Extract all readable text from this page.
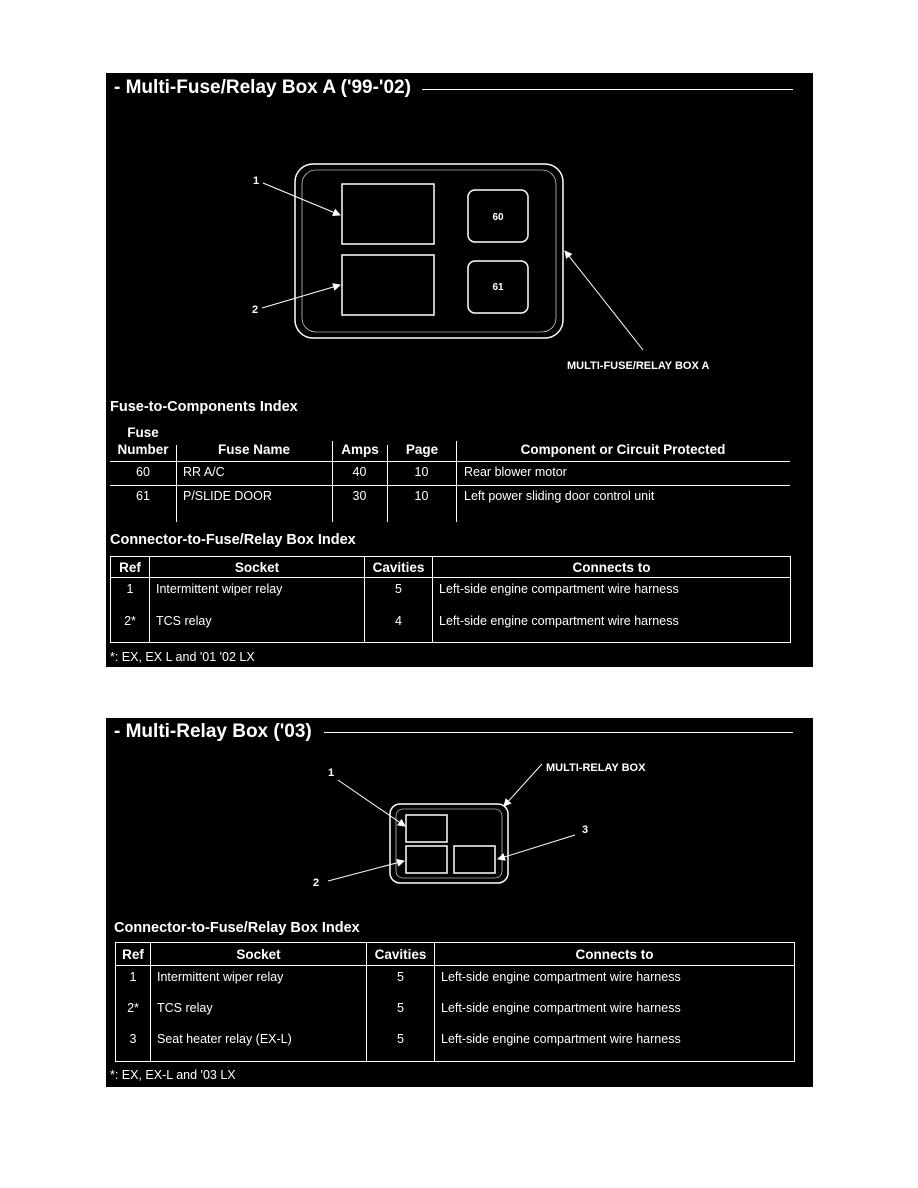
- Multi-Fuse/Relay Box A ('99-'02)
60
61
1
2
MULTI-FUSE/RELAY BOX A
Fuse-to-Components Index
Fuse
Number	Fuse Name	Amps	Page	Component or Circuit Protected
60	RR A/C	40	10	Rear blower motor
61	P/SLIDE DOOR	30	10	Left power sliding door control unit
Connector-to-Fuse/Relay Box Index
Ref	Socket	Cavities	Connects to
1	Intermittent wiper relay	5	Left-side engine compartment wire harness
2*	TCS relay	4	Left-side engine compartment wire harness
*: EX, EX L and '01 '02 LX
- Multi-Relay Box ('03)
1
2
3
MULTI-RELAY BOX
Connector-to-Fuse/Relay Box Index
Ref	Socket	Cavities	Connects to
1	Intermittent wiper relay	5	Left-side engine compartment wire harness
2*	TCS relay	5	Left-side engine compartment wire harness
3	Seat heater relay (EX-L)	5	Left-side engine compartment wire harness
*: EX, EX-L and '03 LX
